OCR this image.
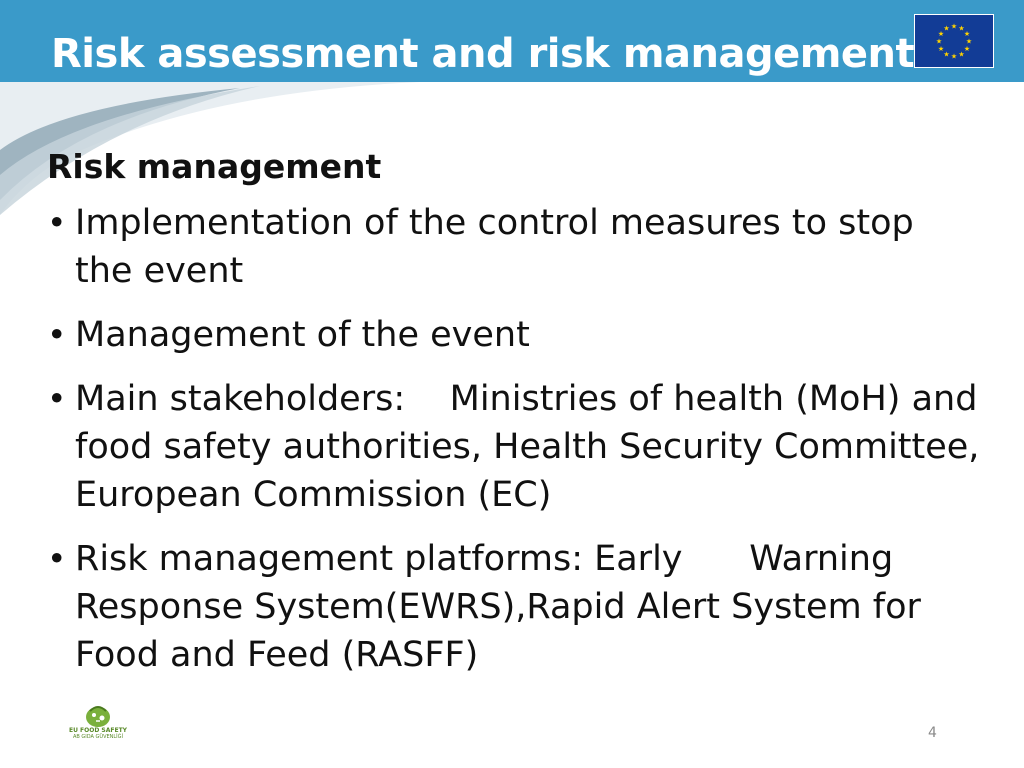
Risk assessment and risk management
★ ★
★
★
★
★
★
★
★
★
★
★
Risk management
• Implementation of the control measures to stop the event
• Management of the event
• Main stakeholders:    Ministries of health (MoH) and food safety authorities, Health Security Committee, European Commission (EC)
• Risk management platforms: Early      Warning Response System(EWRS),Rapid Alert System for Food and Feed (RASFF)
EU FOOD SAFETY
AB GIDA GÜVENLİĞİ	4
